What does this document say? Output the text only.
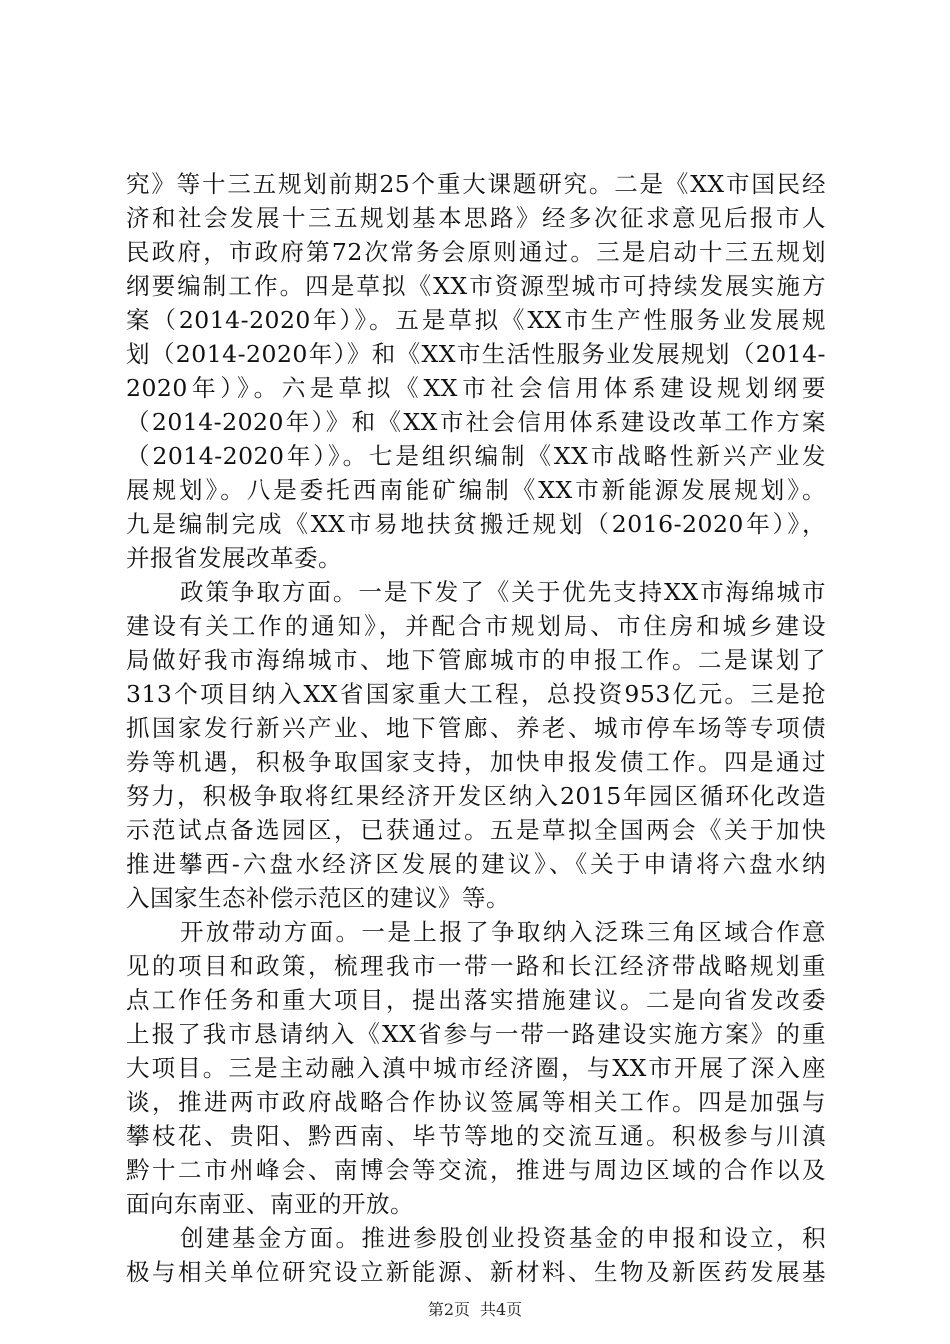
究》等十三五规划前期25个重大课题研究。二是《XX市国民经
济和社会发展十三五规划基本思路》经多次征求意见后报市人
民政府，市政府第72次常务会原则通过。三是启动十三五规划
纲要编制工作。四是草拟《XX市资源型城市可持续发展实施方
案（2014-2020年）》。五是草拟《XX市生产性服务业发展规
划（2014-2020年）》和《XX市生活性服务业发展规划（2014-
2020年）》。六是草拟《XX市社会信用体系建设规划纲要
（2014-2020年）》和《XX市社会信用体系建设改革工作方案
（2014-2020年）》。七是组织编制《XX市战略性新兴产业发
展规划》。八是委托西南能矿编制《XX市新能源发展规划》。
九是编制完成《XX市易地扶贫搬迁规划（2016-2020年）》，
并报省发展改革委。
政策争取方面。一是下发了《关于优先支持XX市海绵城市
建设有关工作的通知》，并配合市规划局、市住房和城乡建设
局做好我市海绵城市、地下管廊城市的申报工作。二是谋划了
313个项目纳入XX省国家重大工程，总投资953亿元。三是抢
抓国家发行新兴产业、地下管廊、养老、城市停车场等专项债
券等机遇，积极争取国家支持，加快申报发债工作。四是通过
努力，积极争取将红果经济开发区纳入2015年园区循环化改造
示范试点备选园区，已获通过。五是草拟全国两会《关于加快
推进攀西-六盘水经济区发展的建议》、《关于申请将六盘水纳
入国家生态补偿示范区的建议》等。
开放带动方面。一是上报了争取纳入泛珠三角区域合作意
见的项目和政策，梳理我市一带一路和长江经济带战略规划重
点工作任务和重大项目，提出落实措施建议。二是向省发改委
上报了我市恳请纳入《XX省参与一带一路建设实施方案》的重
大项目。三是主动融入滇中城市经济圈，与XX市开展了深入座
谈，推进两市政府战略合作协议签属等相关工作。四是加强与
攀枝花、贵阳、黔西南、毕节等地的交流互通。积极参与川滇
黔十二市州峰会、南博会等交流，推进与周边区域的合作以及
面向东南亚、南亚的开放。
创建基金方面。推进参股创业投资基金的申报和设立，积
极与相关单位研究设立新能源、新材料、生物及新医药发展基
第2页 共4页
